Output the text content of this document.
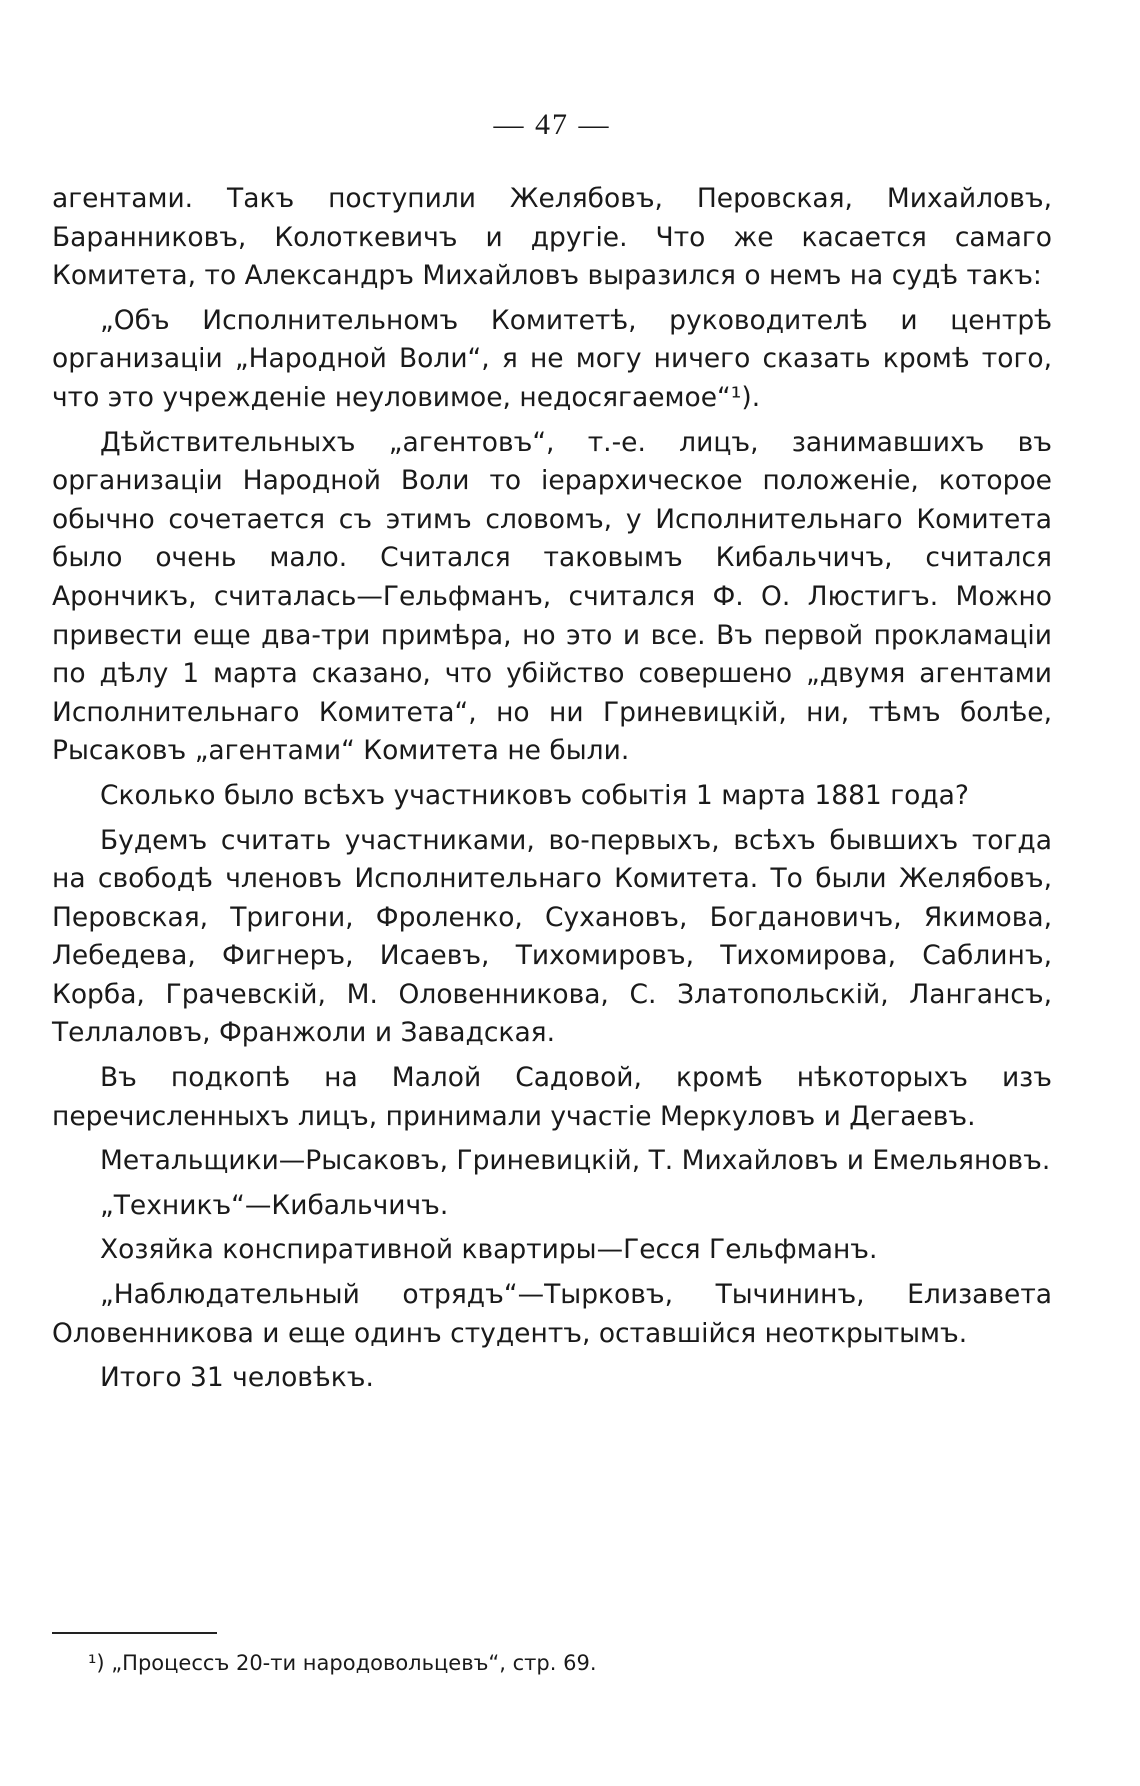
— 47 —

агентами. Такъ поступили Желябовъ, Перовская, Михайловъ, Баранниковъ, Колоткевичъ и другіе. Что же касается самаго Комитета, то Александръ Михайловъ выразился о немъ на судѣ такъ:

„Объ Исполнительномъ Комитетѣ, руководителѣ и центрѣ организаціи „Народной Воли“, я не могу ничего сказать кромѣ того, что это учрежденіе неуловимое, недосягаемое“¹).

Дѣйствительныхъ „агентовъ“, т.-е. лицъ, занимавшихъ въ организаціи Народной Воли то іерархическое положеніе, которое обычно сочетается съ этимъ словомъ, у Исполнительнаго Комитета было очень мало. Считался таковымъ Кибальчичъ, считался Арончикъ, считалась—Гельфманъ, считался Ф. О. Люстигъ. Можно привести еще два-три примѣра, но это и все. Въ первой прокламаціи по дѣлу 1 марта сказано, что убійство совершено „двумя агентами Исполнительнаго Комитета“, но ни Гриневицкій, ни, тѣмъ болѣе, Рысаковъ „агентами“ Комитета не были.

Сколько было всѣхъ участниковъ событія 1 марта 1881 года?

Будемъ считать участниками, во-первыхъ, всѣхъ бывшихъ тогда на свободѣ членовъ Исполнительнаго Комитета. То были Желябовъ, Перовская, Тригони, Фроленко, Сухановъ, Богдановичъ, Якимова, Лебедева, Фигнеръ, Исаевъ, Тихомировъ, Тихомирова, Саблинъ, Корба, Грачевскій, М. Оловенникова, С. Златопольскій, Лангансъ, Теллаловъ, Франжоли и Завадская.

Въ подкопѣ на Малой Садовой, кромѣ нѣкоторыхъ изъ перечисленныхъ лицъ, принимали участіе Меркуловъ и Дегаевъ.

Метальщики—Рысаковъ, Гриневицкій, Т. Михайловъ и Емельяновъ.

„Техникъ“—Кибальчичъ.

Хозяйка конспиративной квартиры—Гесся Гельфманъ.

„Наблюдательный отрядъ“—Тырковъ, Тычининъ, Елизавета Оловенникова и еще одинъ студентъ, оставшійся неоткрытымъ.

Итого 31 человѣкъ.

¹) „Процессъ 20-ти народовольцевъ“, стр. 69.
